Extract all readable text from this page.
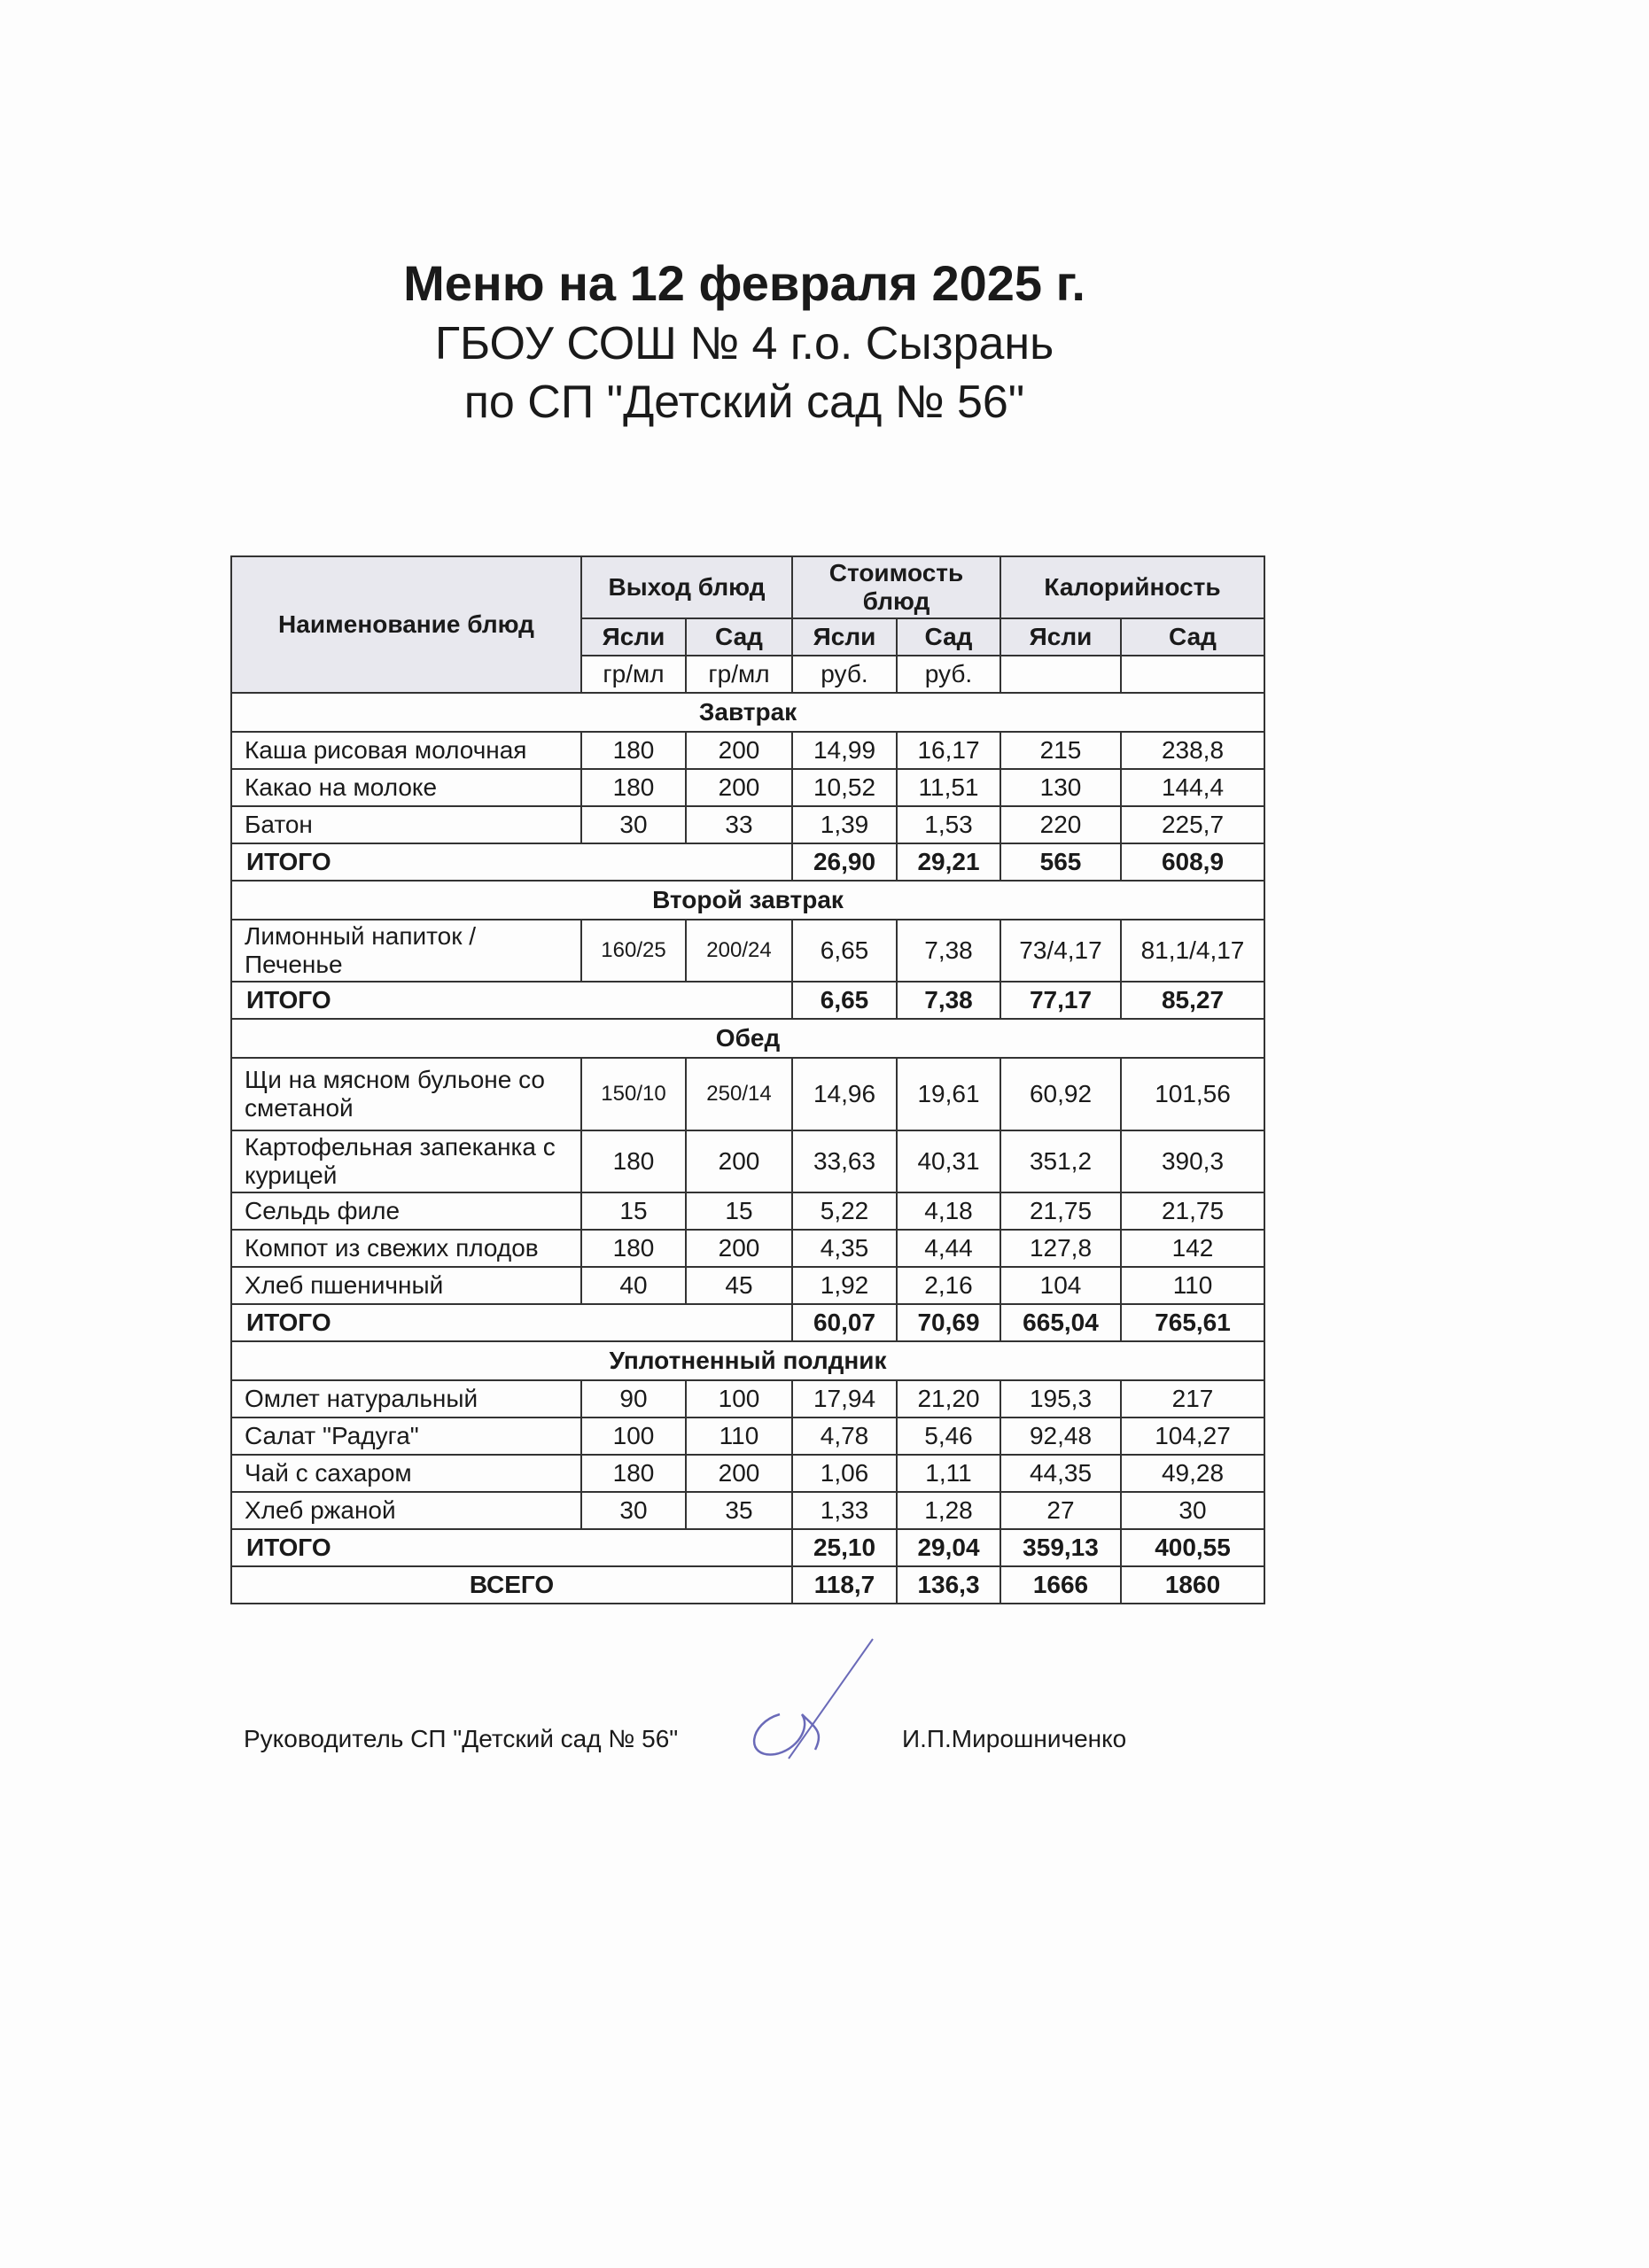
Меню на 12 февраля 2025 г.
ГБОУ СОШ № 4 г.о. Сызрань
по СП "Детский сад № 56"
Наименование блюд	Выход блюд		Стоимость блюд		Калорийность	
	Ясли	Сад	Ясли	Сад	Ясли	Сад
	гр/мл	гр/мл	руб.	руб.		
Завтрак						
Каша рисовая молочная	180	200	14,99	16,17	215	238,8
Какао на молоке	180	200	10,52	11,51	130	144,4
Батон	30	33	1,39	1,53	220	225,7
ИТОГО			26,90	29,21	565	608,9
Второй завтрак						
Лимонный напиток / Печенье	160/25	200/24	6,65	7,38	73/4,17	81,1/4,17
ИТОГО			6,65	7,38	77,17	85,27
Обед						
Щи на мясном бульоне со сметаной	150/10	250/14	14,96	19,61	60,92	101,56
Картофельная запеканка с курицей	180	200	33,63	40,31	351,2	390,3
Сельдь филе	15	15	5,22	4,18	21,75	21,75
Компот из свежих плодов	180	200	4,35	4,44	127,8	142
Хлеб пшеничный	40	45	1,92	2,16	104	110
ИТОГО			60,07	70,69	665,04	765,61
Уплотненный полдник						
Омлет натуральный	90	100	17,94	21,20	195,3	217
Салат "Радуга"	100	110	4,78	5,46	92,48	104,27
Чай с сахаром	180	200	1,06	1,11	44,35	49,28
Хлеб ржаной	30	35	1,33	1,28	27	30
ИТОГО			25,10	29,04	359,13	400,55
ВСЕГО			118,7	136,3	1666	1860
Руководитель СП "Детский сад № 56"	И.П.Мирошниченко
